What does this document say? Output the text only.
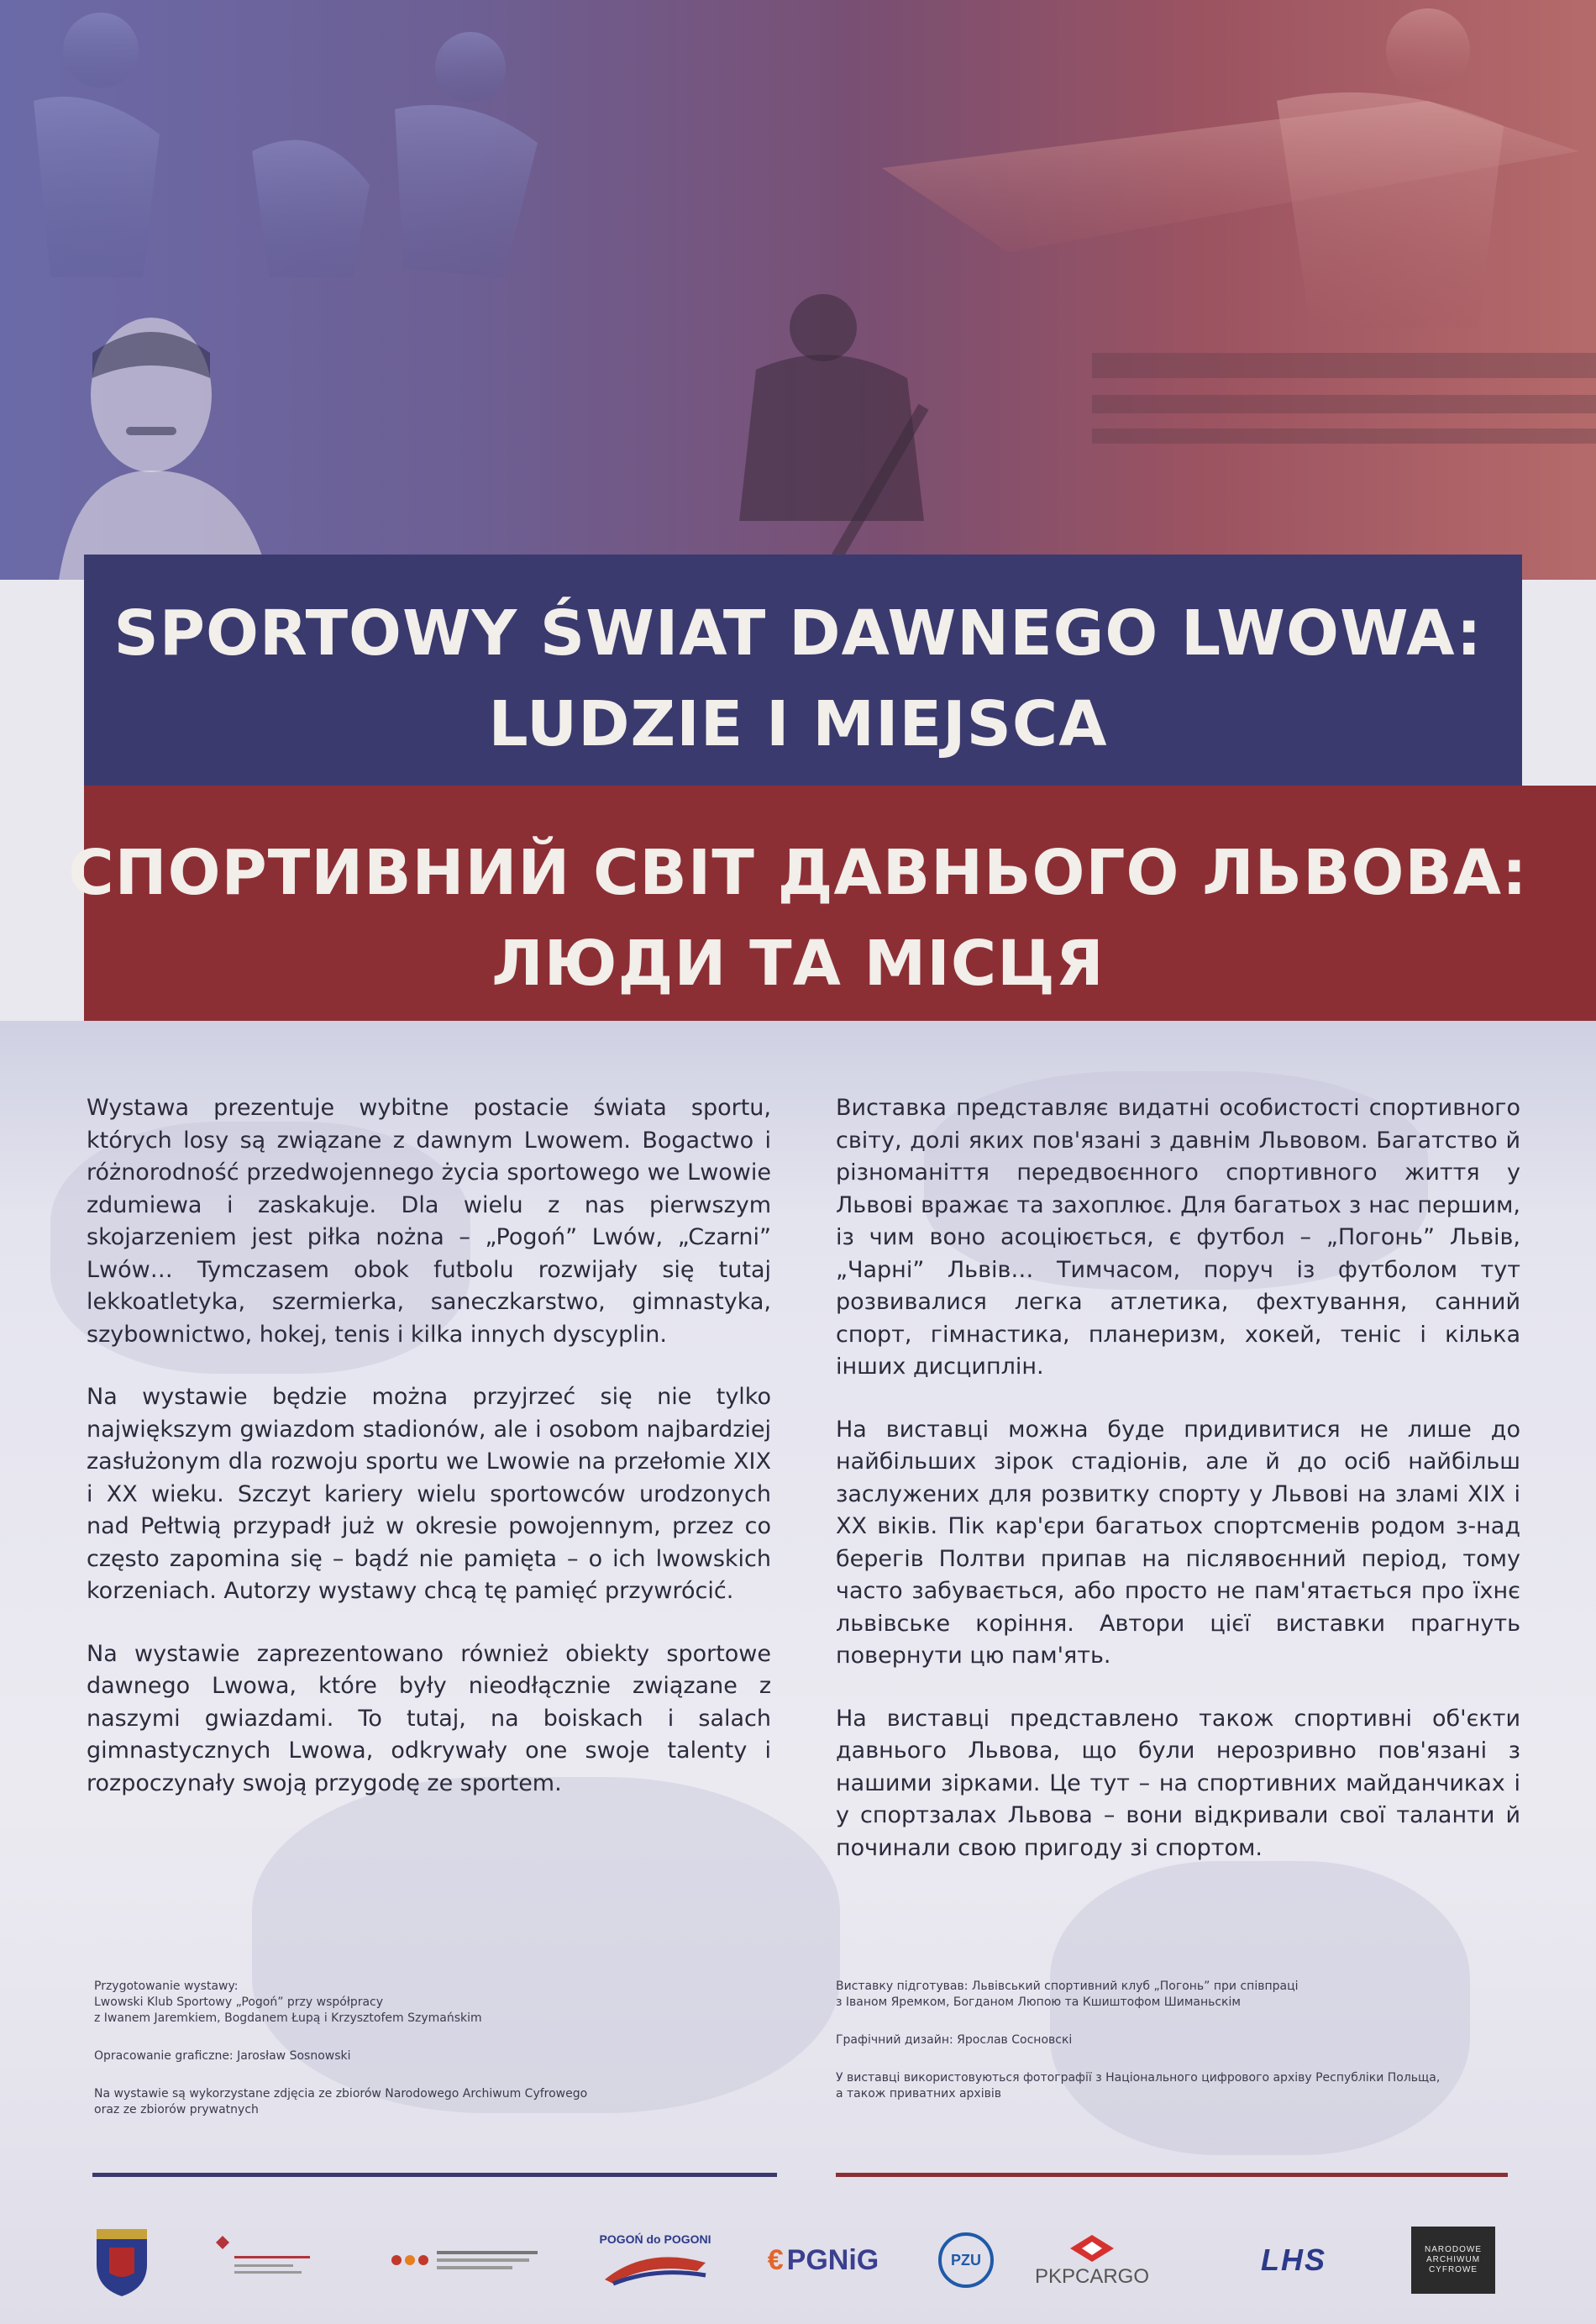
SPORTOWY ŚWIAT DAWNEGO LWOWA:
LUDZIE I MIEJSCA
СПОРТИВНИЙ СВІТ ДАВНЬОГО ЛЬВОВА:
ЛЮДИ ТА МІСЦЯ

Wystawa prezentuje wybitne postacie świata sportu, których losy są związane z dawnym Lwowem. Bogactwo i różnorodność przedwojennego życia sportowego we Lwowie zdumiewa i zaskakuje. Dla wielu z nas pierwszym skojarzeniem jest piłka nożna – „Pogoń” Lwów, „Czarni” Lwów… Tymczasem obok futbolu rozwijały się tutaj lekkoatletyka, szermierka, saneczkarstwo, gimnastyka, szybownictwo, hokej, tenis i kilka innych dyscyplin.

Na wystawie będzie można przyjrzeć się nie tylko największym gwiazdom stadionów, ale i osobom najbardziej zasłużonym dla rozwoju sportu we Lwowie na przełomie XIX i XX wieku. Szczyt kariery wielu sportowców urodzonych nad Pełtwią przypadł już w okresie powojennym, przez co często zapomina się – bądź nie pamięta – o ich lwowskich korzeniach. Autorzy wystawy chcą tę pamięć przywrócić.

Na wystawie zaprezentowano również obiekty sportowe dawnego Lwowa, które były nieodłącznie związane z naszymi gwiazdami. To tutaj, na boiskach i salach gimnastycznych Lwowa, odkrywały one swoje talenty i rozpoczynały swoją przygodę ze sportem.

Виставка представляє видатні особистості спортивного світу, долі яких пов'язані з давнім Львовом. Багатство й різноманіття передвоєнного спортивного життя у Львові вражає та захоплює. Для багатьох з нас першим, із чим воно асоціюється, є футбол – „Погонь” Львів, „Чарні” Львів… Тимчасом, поруч із футболом тут розвивалися легка атлетика, фехтування, санний спорт, гімнастика, планеризм, хокей, теніс і кілька інших дисциплін.

На виставці можна буде придивитися не лише до найбільших зірок стадіонів, але й до осіб найбільш заслужених для розвитку спорту у Львові на зламі XIX і XX віків. Пік кар'єри багатьох спортсменів родом з-над берегів Полтви припав на післявоєнний період, тому часто забувається, або просто не пам'ятається про їхнє львівське коріння. Автори цієї виставки прагнуть повернути цю пам'ять.

На виставці представлено також спортивні об'єкти давнього Львова, що були нерозривно пов'язані з нашими зірками. Це тут – на спортивних майданчиках і у спортзалах Львова – вони відкривали свої таланти й починали свою пригоду зі спортом.

Przygotowanie wystawy:
Lwowski Klub Sportowy „Pogoń” przy współpracy
z Iwanem Jaremkiem, Bogdanem Łupą i Krzysztofem Szymańskim

Opracowanie graficzne: Jarosław Sosnowski

Na wystawie są wykorzystane zdjęcia ze zbiorów Narodowego Archiwum Cyfrowego
oraz ze zbiorów prywatnych

Виставку підготував: Львівський спортивний клуб „Погонь” при співпраці
з Іваном Яремком, Богданом Люпою та Кшиштофом Шиманьскім

Графічний дизайн: Ярослав Сосновскі

У виставці використовуються фотографії з Національного цифрового архіву Республіки Польща,
а також приватних архівів

POGOŃ do POGONI
€ PGNiG	PZU
PKPCARGO	LHS	NARODOWE
ARCHIWUM
CYFROWE
